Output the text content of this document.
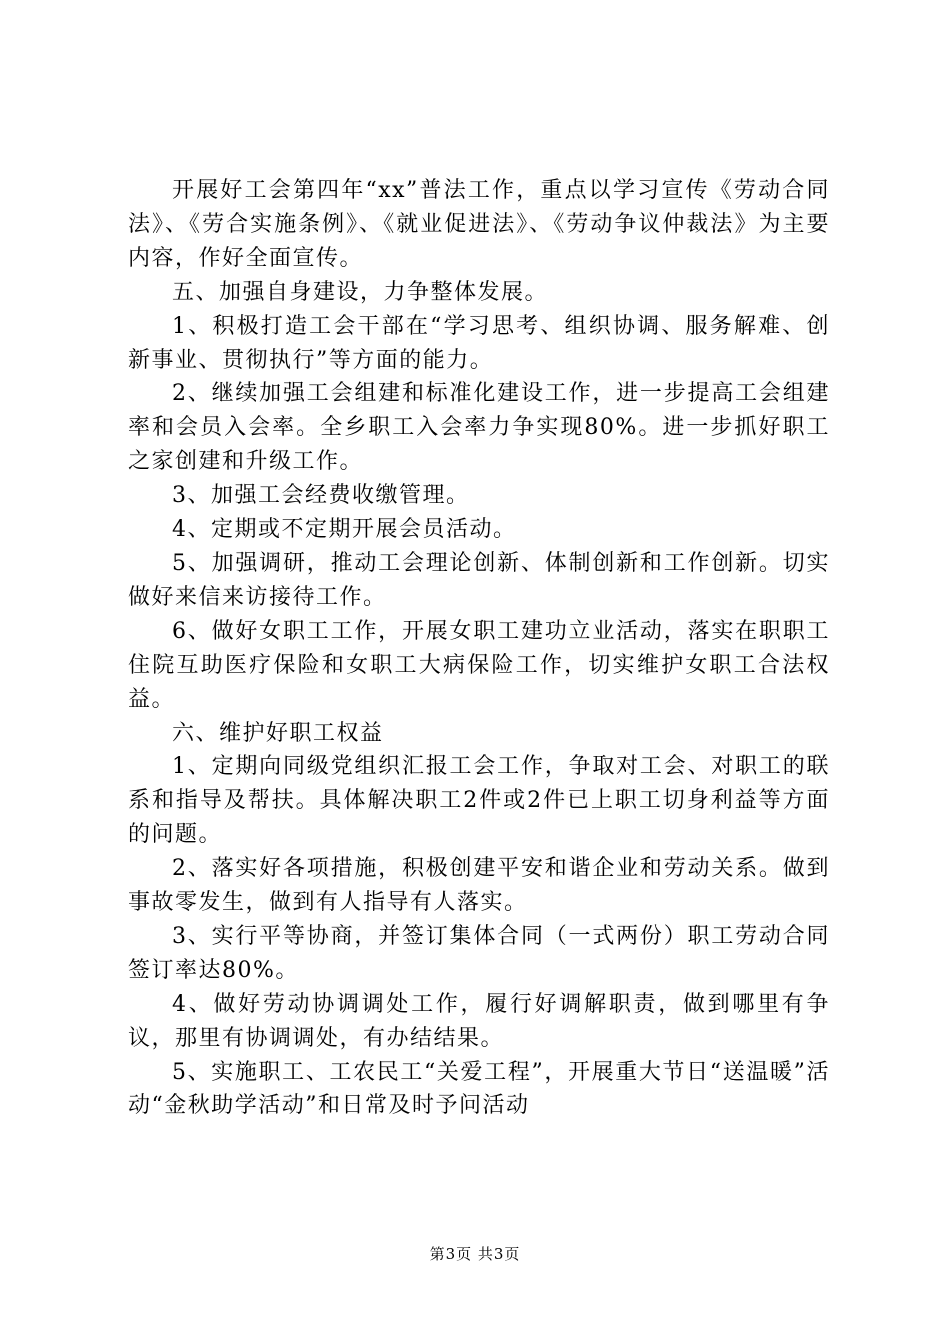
开展好工会第四年“xx”普法工作，重点以学习宣传《劳动合同法》、《劳合实施条例》、《就业促进法》、《劳动争议仲裁法》为主要内容，作好全面宣传。

五、加强自身建设，力争整体发展。

1、积极打造工会干部在“学习思考、组织协调、服务解难、创新事业、贯彻执行”等方面的能力。

2、继续加强工会组建和标准化建设工作，进一步提高工会组建率和会员入会率。全乡职工入会率力争实现80%。进一步抓好职工之家创建和升级工作。

3、加强工会经费收缴管理。

4、定期或不定期开展会员活动。

5、加强调研，推动工会理论创新、体制创新和工作创新。切实做好来信来访接待工作。

6、做好女职工工作，开展女职工建功立业活动，落实在职职工住院互助医疗保险和女职工大病保险工作，切实维护女职工合法权益。

六、维护好职工权益

1、定期向同级党组织汇报工会工作，争取对工会、对职工的联系和指导及帮扶。具体解决职工2件或2件已上职工切身利益等方面的问题。

2、落实好各项措施，积极创建平安和谐企业和劳动关系。做到事故零发生，做到有人指导有人落实。

3、实行平等协商，并签订集体合同（一式两份）职工劳动合同签订率达80%。

4、做好劳动协调调处工作，履行好调解职责，做到哪里有争议，那里有协调调处，有办结结果。

5、实施职工、工农民工“关爱工程”，开展重大节日“送温暖”活动“金秋助学活动”和日常及时予问活动

第3页 共3页
